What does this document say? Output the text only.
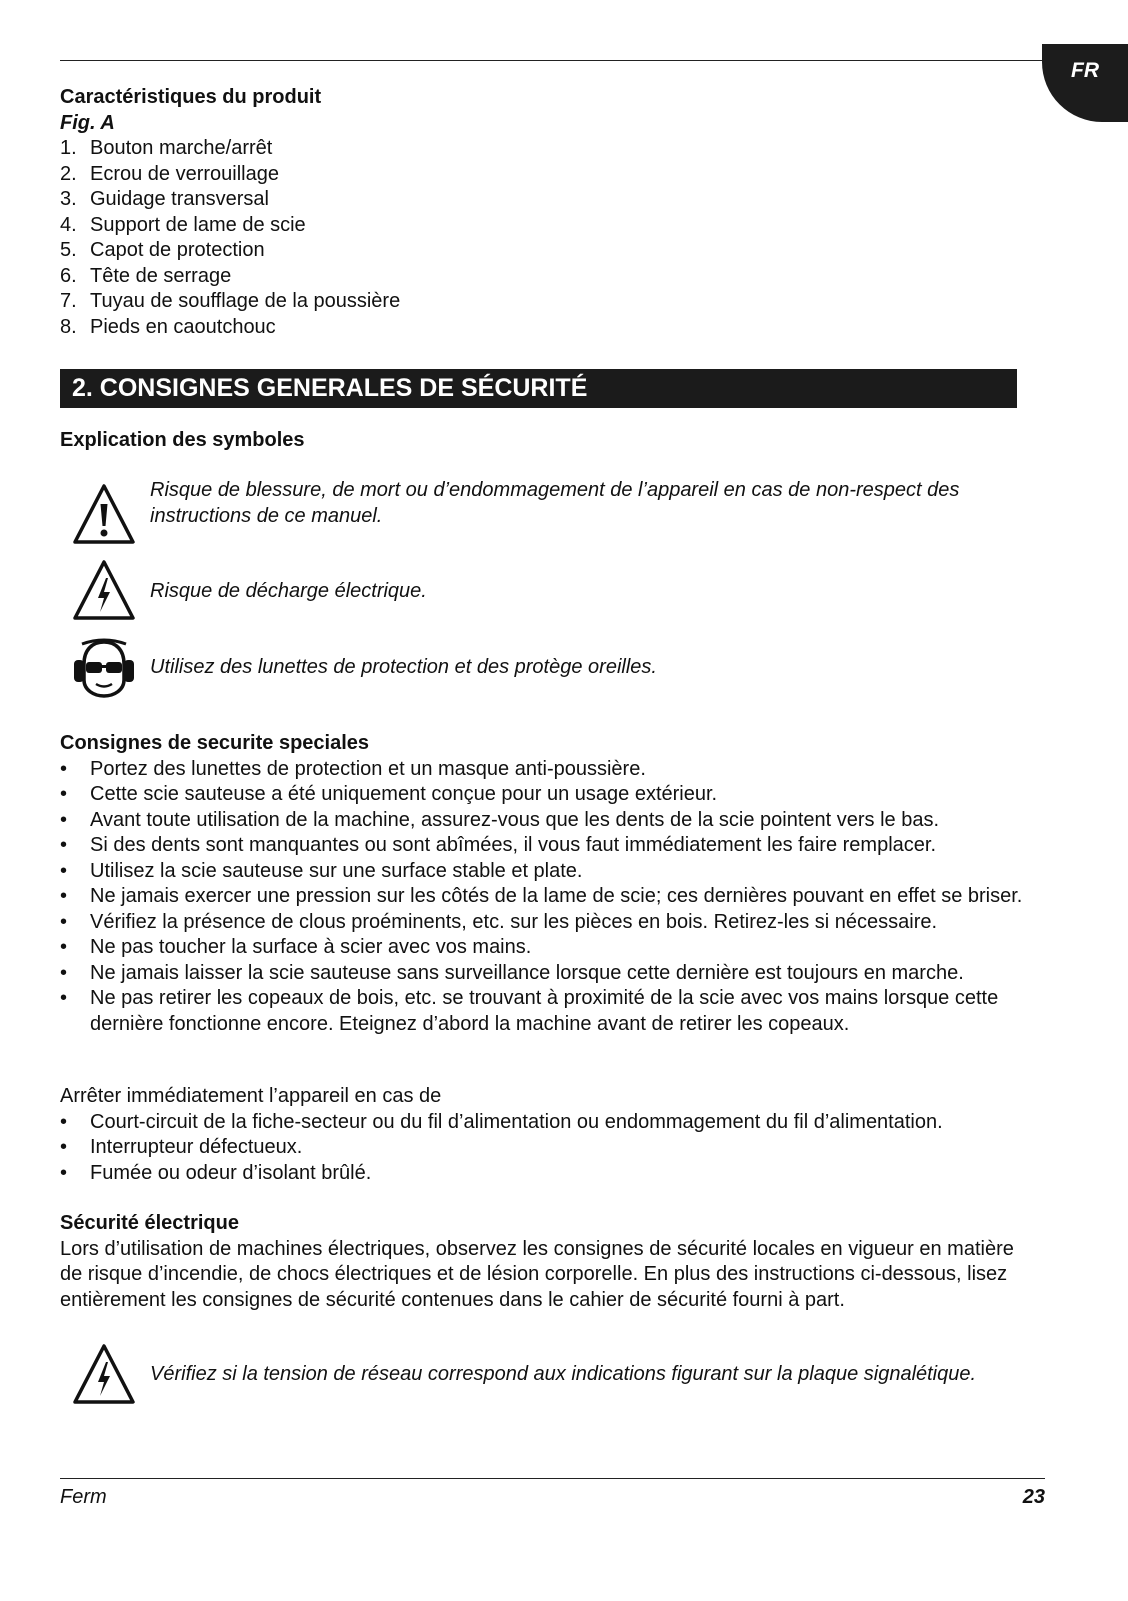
FR
Caractéristiques du produit
Fig. A
1. Bouton marche/arrêt
2. Ecrou de verrouillage
3. Guidage transversal
4. Support de lame de scie
5. Capot de protection
6. Tête de serrage
7. Tuyau de soufflage de la poussière
8. Pieds en caoutchouc
2. CONSIGNES GENERALES DE SÉCURITÉ
Explication des symboles
Risque de blessure, de mort ou d’endommagement de l’appareil en cas de non-respect des instructions de ce manuel.
Risque de décharge électrique.
Utilisez des lunettes de protection et des protège oreilles.
Consignes de securite speciales
• Portez des lunettes de protection et un masque anti-poussière.
• Cette scie sauteuse a été uniquement conçue pour un usage extérieur.
• Avant toute utilisation de la machine, assurez-vous que les dents de la scie pointent vers le bas.
• Si des dents sont manquantes ou sont abîmées, il vous faut immédiatement les faire remplacer.
• Utilisez la scie sauteuse sur une surface stable et plate.
• Ne jamais exercer une pression sur les côtés de la lame de scie; ces dernières pouvant en effet se briser.
• Vérifiez la présence de clous proéminents, etc. sur les pièces en bois. Retirez-les si nécessaire.
• Ne pas toucher la surface à scier avec vos mains.
• Ne jamais laisser la scie sauteuse sans surveillance lorsque cette dernière est toujours en marche.
• Ne pas retirer les copeaux de bois, etc. se trouvant à proximité de la scie avec vos mains lorsque cette dernière fonctionne encore. Eteignez d’abord la machine avant de retirer les copeaux.
Arrêter immédiatement l’appareil en cas de
• Court-circuit de la fiche-secteur ou du fil d’alimentation ou endommagement du fil d’alimentation.
• Interrupteur défectueux.
• Fumée ou odeur d’isolant brûlé.
Sécurité électrique
Lors d’utilisation de machines électriques, observez les consignes de sécurité locales en vigueur en matière de risque d’incendie, de chocs électriques et de lésion corporelle. En plus des instructions ci-dessous, lisez entièrement les consignes de sécurité contenues dans le cahier de sécurité fourni à part.
Vérifiez si la tension de réseau correspond aux indications figurant sur la plaque signalétique.
Ferm	23
